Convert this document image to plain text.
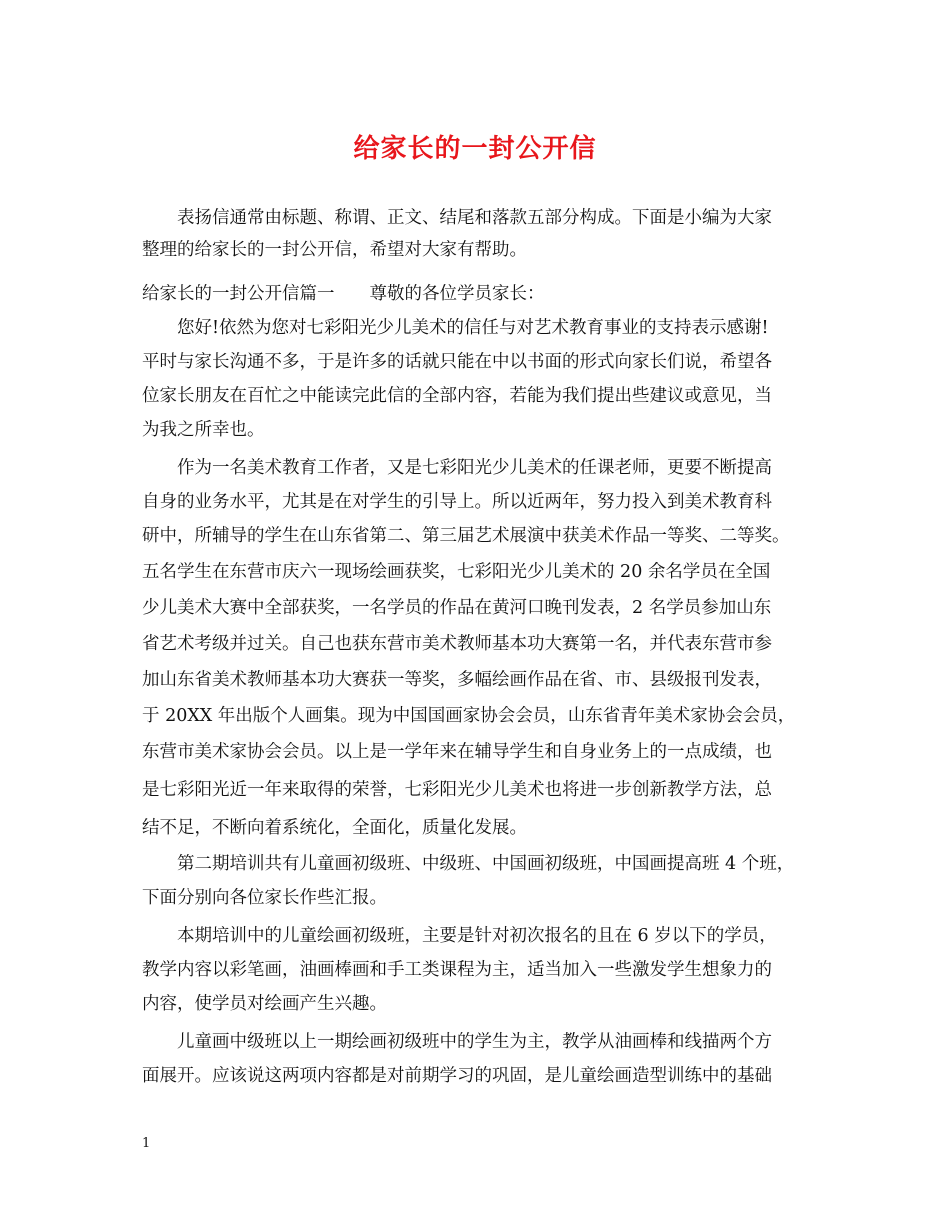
给家长的一封公开信
　　表扬信通常由标题、称谓、正文、结尾和落款五部分构成。下面是小编为大家
整理的给家长的一封公开信，希望对大家有帮助。
给家长的一封公开信篇一　　尊敬的各位学员家长：
　　您好!依然为您对七彩阳光少儿美术的信任与对艺术教育事业的支持表示感谢!
平时与家长沟通不多，于是许多的话就只能在中以书面的形式向家长们说，希望各
位家长朋友在百忙之中能读完此信的全部内容，若能为我们提出些建议或意见，当
为我之所幸也。
　　作为一名美术教育工作者，又是七彩阳光少儿美术的任课老师，更要不断提高
自身的业务水平，尤其是在对学生的引导上。所以近两年，努力投入到美术教育科
研中，所辅导的学生在山东省第二、第三届艺术展演中获美术作品一等奖、二等奖。
五名学生在东营市庆六一现场绘画获奖，七彩阳光少儿美术的 20 余名学员在全国
少儿美术大赛中全部获奖，一名学员的作品在黄河口晚刊发表，2 名学员参加山东
省艺术考级并过关。自己也获东营市美术教师基本功大赛第一名，并代表东营市参
加山东省美术教师基本功大赛获一等奖，多幅绘画作品在省、市、县级报刊发表，
于 20XX 年出版个人画集。现为中国国画家协会会员，山东省青年美术家协会会员，
东营市美术家协会会员。以上是一学年来在辅导学生和自身业务上的一点成绩，也
是七彩阳光近一年来取得的荣誉，七彩阳光少儿美术也将进一步创新教学方法，总
结不足，不断向着系统化，全面化，质量化发展。
　　第二期培训共有儿童画初级班、中级班、中国画初级班，中国画提高班 4 个班，
下面分别向各位家长作些汇报。
　　本期培训中的儿童绘画初级班，主要是针对初次报名的且在 6 岁以下的学员，
教学内容以彩笔画，油画棒画和手工类课程为主，适当加入一些激发学生想象力的
内容，使学员对绘画产生兴趣。
　　儿童画中级班以上一期绘画初级班中的学生为主，教学从油画棒和线描两个方
面展开。应该说这两项内容都是对前期学习的巩固，是儿童绘画造型训练中的基础
1
